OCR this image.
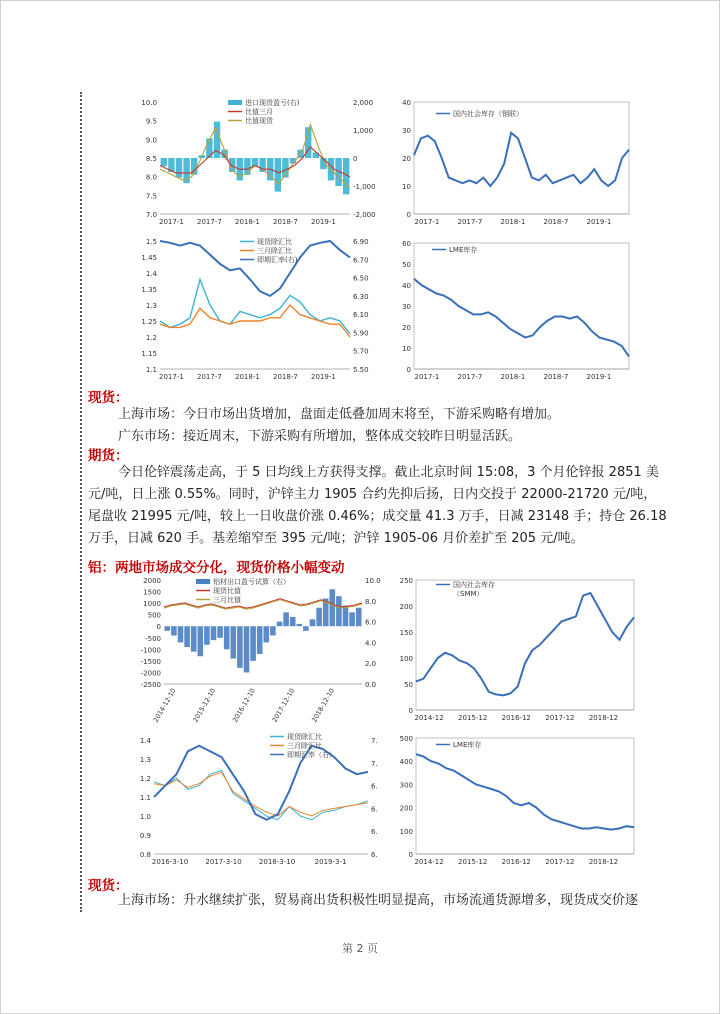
10.0
9.5
9.0
8.5
8.0
7.5
7.0
2,000
1,000
0
-1,000
-2,000
2017-1 2017-7 2018-1 2018-7 2019-1
进口现货盈亏(右)
比值三月
比值现货
40
30
20
10
0
2017-1	2017-7	2018-1	2018-7	2019-1
国内社会库存（钢联）
1.5
1.45
1.4
1.35
1.3
1.25
1.2
1.15
1.1
6.90
6.70
6.50
6.30
6.10
5.90
5.70
5.50
2017-1 2017-7 2018-1 2018-7 2019-1
现货除汇比
三月除汇比
即期汇率(右)
60
50
40
30
20
10
0
2017-1	2017-7	2018-1	2018-7	2019-1
LME库存
现货：
上海市场：今日市场出货增加，盘面走低叠加周末将至，下游采购略有增加。
广东市场：接近周末，下游采购有所增加，整体成交较昨日明显活跃。
期货：
今日伦锌震荡走高，于 5 日均线上方获得支撑。截止北京时间 15:08，3 个月伦锌报 2851 美
元/吨，日上涨 0.55%。同时，沪锌主力 1905 合约先抑后扬，日内交投于 22000-21720 元/吨，
尾盘收 21995 元/吨，较上一日收盘价涨 0.46%；成交量 41.3 万手，日减 23148 手；持仓 26.18
万手，日减 620 手。基差缩窄至 395 元/吨；沪锌 1905-06 月价差扩至 205 元/吨。
铝：两地市场成交分化，现货价格小幅变动
2000
1500
1000
500
0
-500
-1000
-1500
-2000
-2500
10.0
8.0
6.0
4.0
2.0
0.0
2014-12-10 2015-12-10 2016-12-10 2017-12-10 2018-12-10
铝材出口盈亏试算（右）
现货比值
三月比值
250
200
150
100
50
0
2014-12 2015-12 2016-12 2017-12 2018-12
国内社会库存
（SMM）
1.4
1.3
1.2
1.1
1.0
0.9
0.8
7.
7.
6.
6.
6.
6.
2016-3-10 2017-3-10 2018-3-10	2019-3-1
现货除汇比
三月除汇比
即期汇率（右）
500
400
300
200
100
0
2014-12 2015-12 2016-12 2017-12 2018-12
LME库存
现货：
上海市场：升水继续扩张，贸易商出货积极性明显提高，市场流通货源增多，现货成交价逐
第 2 页
